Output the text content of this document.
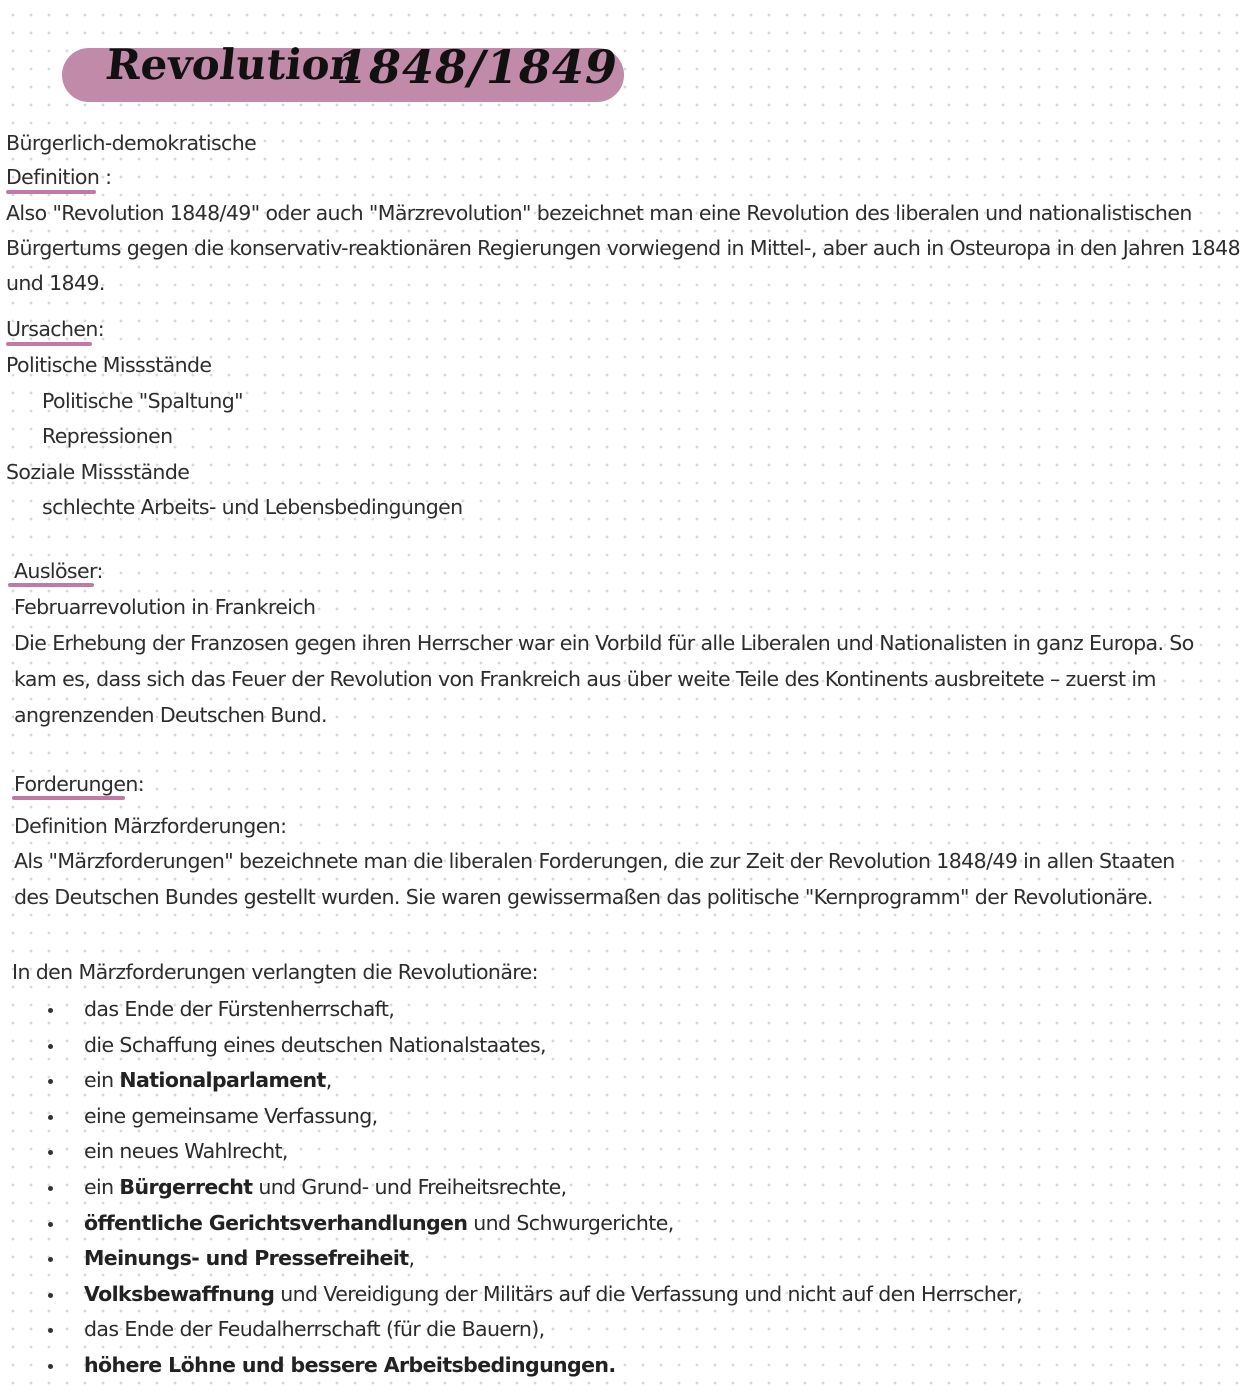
Revolution
1848/1849
Bürgerlich-demokratische
Definition :
Also "Revolution 1848/49" oder auch "Märzrevolution" bezeichnet man eine Revolution des liberalen und nationalistischen
Bürgertums gegen die konservativ-reaktionären Regierungen vorwiegend in Mittel-, aber auch in Osteuropa in den Jahren 1848
und 1849.
Ursachen:
Politische Missstände
Politische "Spaltung"
Repressionen
Soziale Missstände
schlechte Arbeits- und Lebensbedingungen
Auslöser:
Februarrevolution in Frankreich
Die Erhebung der Franzosen gegen ihren Herrscher war ein Vorbild für alle Liberalen und Nationalisten in ganz Europa. So
kam es, dass sich das Feuer der Revolution von Frankreich aus über weite Teile des Kontinents ausbreitete – zuerst im
angrenzenden Deutschen Bund.
Forderungen:
Definition Märzforderungen:
Als "Märzforderungen" bezeichnete man die liberalen Forderungen, die zur Zeit der Revolution 1848/49 in allen Staaten
des Deutschen Bundes gestellt wurden. Sie waren gewissermaßen das politische "Kernprogramm" der Revolutionäre.
In den Märzforderungen verlangten die Revolutionäre:
das Ende der Fürstenherrschaft,
die Schaffung eines deutschen Nationalstaates,
ein Nationalparlament,
eine gemeinsame Verfassung,
ein neues Wahlrecht,
ein Bürgerrecht und Grund- und Freiheitsrechte,
öffentliche Gerichtsverhandlungen und Schwurgerichte,
Meinungs- und Pressefreiheit,
Volksbewaffnung und Vereidigung der Militärs auf die Verfassung und nicht auf den Herrscher,
das Ende der Feudalherrschaft (für die Bauern),
höhere Löhne und bessere Arbeitsbedingungen.
